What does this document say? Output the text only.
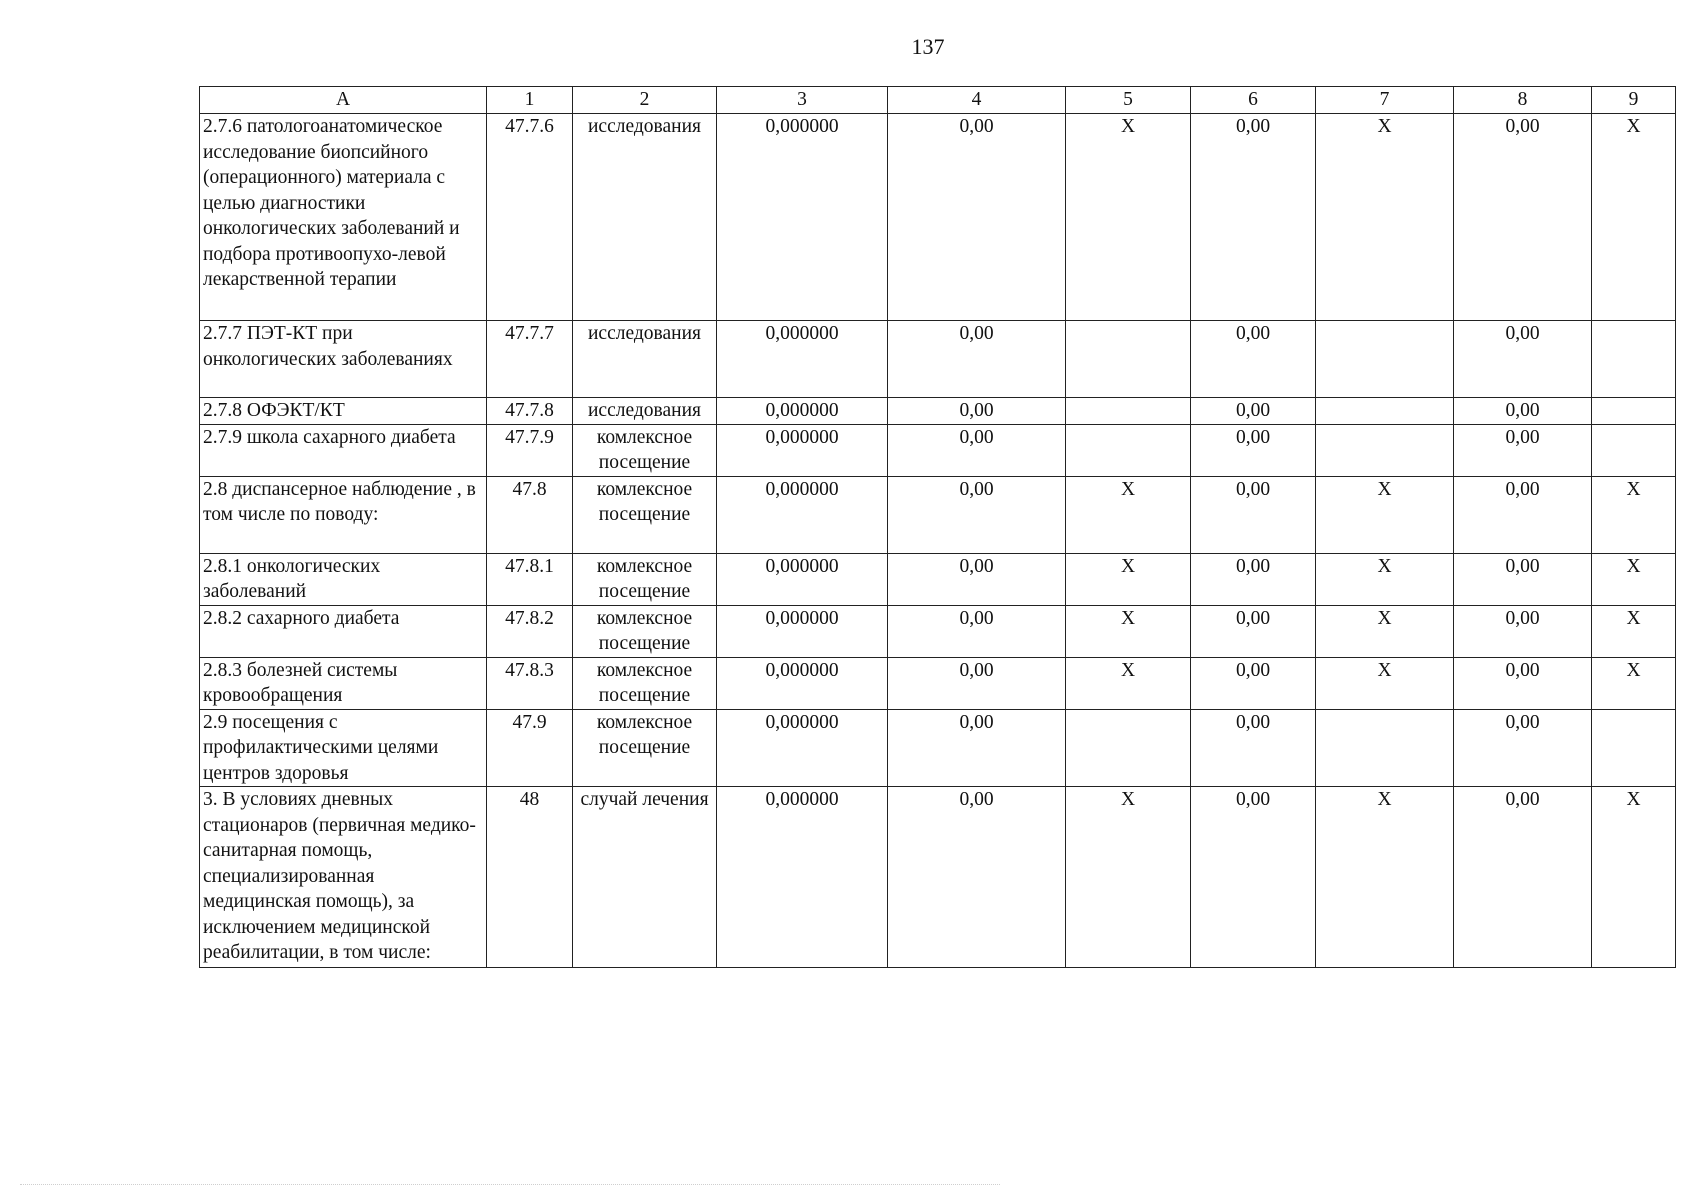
137
А	1	2	3	4	5	6	7	8	9
2.7.6 патологоанатомическое исследование биопсийного (операционного) материала с целью диагностики онкологических заболеваний и подбора противоопухо-левой лекарственной терапии	47.7.6	исследования	0,000000	0,00	Х	0,00	Х	0,00	Х
2.7.7 ПЭТ-КТ при онкологических заболеваниях	47.7.7	исследования	0,000000	0,00		0,00		0,00	
2.7.8 ОФЭКТ/КТ	47.7.8	исследования	0,000000	0,00		0,00		0,00	
2.7.9 школа сахарного диабета	47.7.9	комлексное посещение	0,000000	0,00		0,00		0,00	
2.8 диспансерное наблюдение , в том числе по поводу:	47.8	комлексное посещение	0,000000	0,00	Х	0,00	Х	0,00	Х
2.8.1 онкологических заболеваний	47.8.1	комлексное посещение	0,000000	0,00	Х	0,00	Х	0,00	Х
2.8.2 сахарного диабета	47.8.2	комлексное посещение	0,000000	0,00	Х	0,00	Х	0,00	Х
2.8.3 болезней системы кровообращения	47.8.3	комлексное посещение	0,000000	0,00	Х	0,00	Х	0,00	Х
2.9 посещения с профилактическими целями центров здоровья	47.9	комлексное посещение	0,000000	0,00		0,00		0,00	
3. В условиях дневных стационаров (первичная медико-санитарная помощь, специализированная медицинская помощь), за исключением медицинской реабилитации, в том числе:	48	случай лечения	0,000000	0,00	Х	0,00	Х	0,00	Х
